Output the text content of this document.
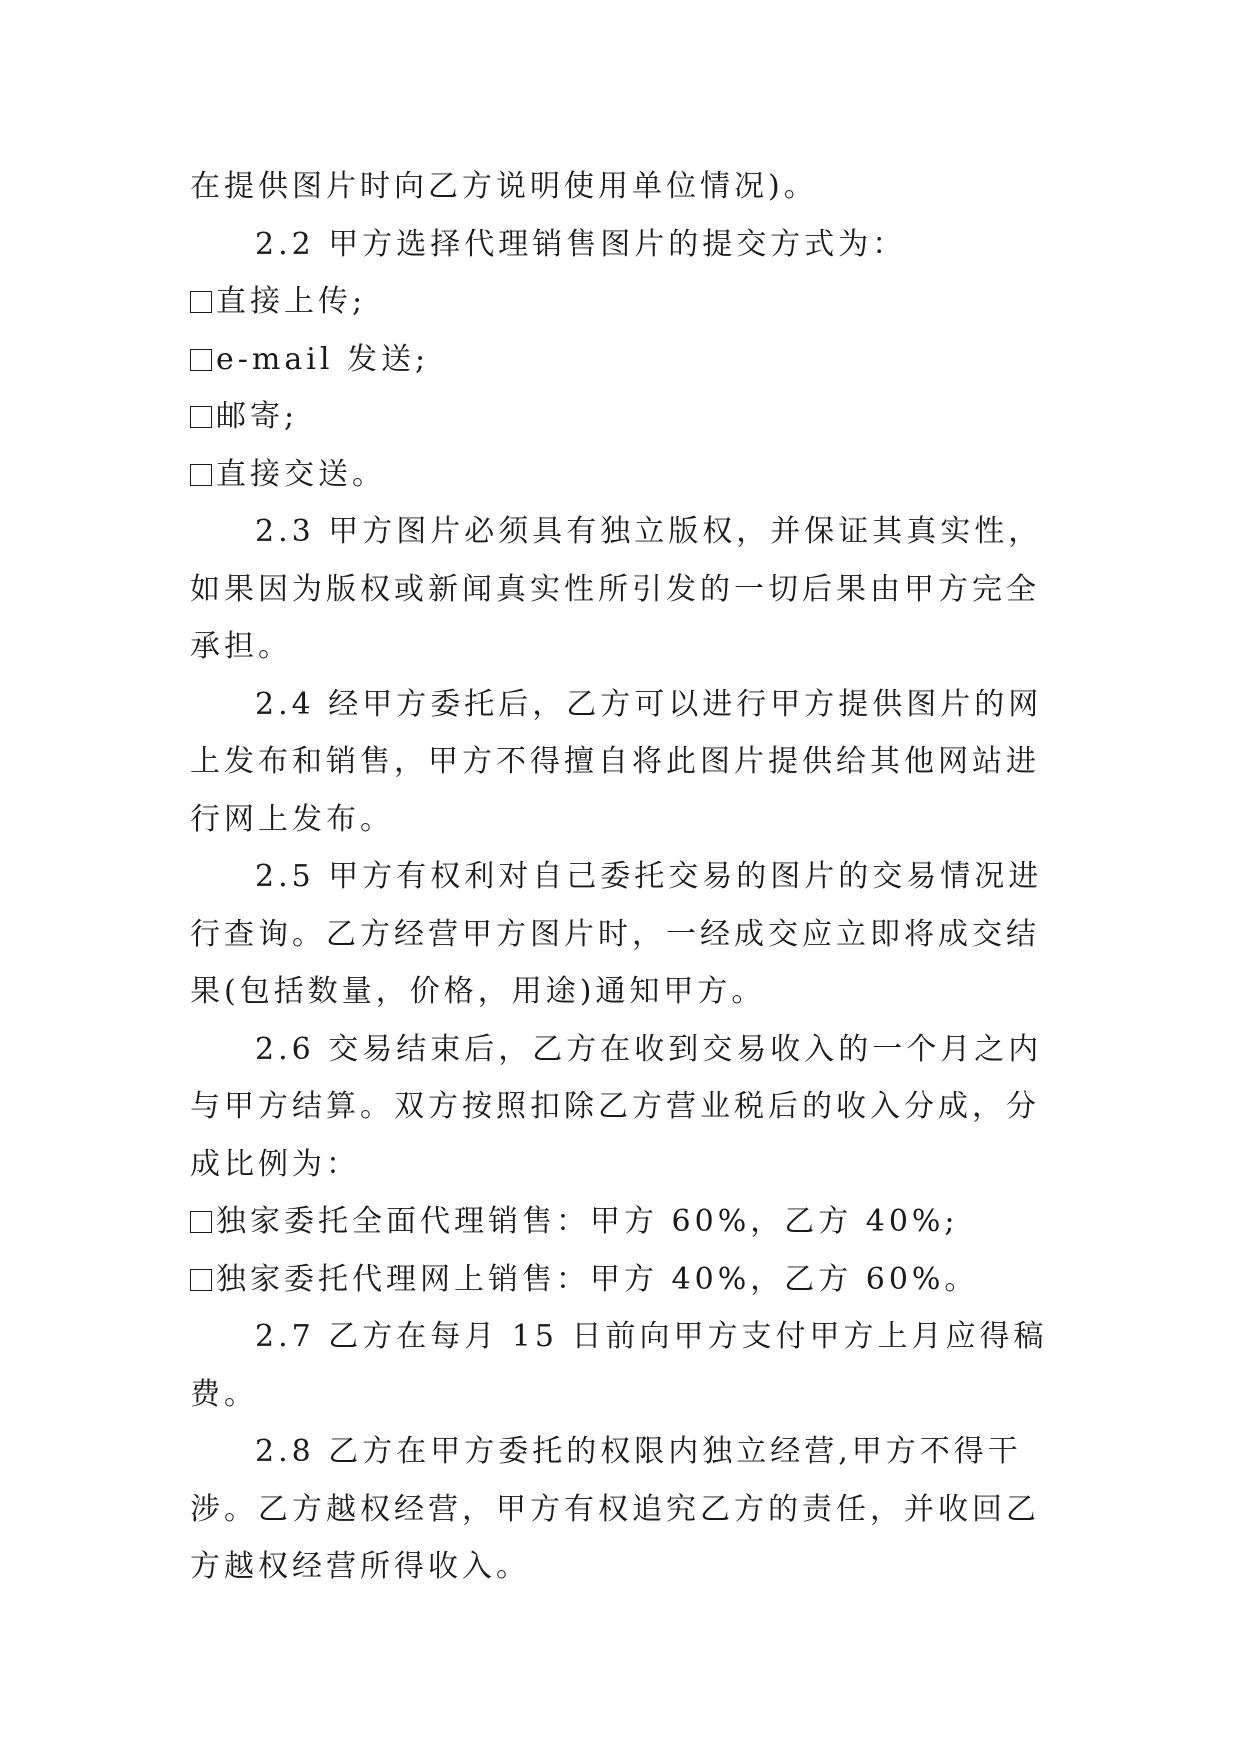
在提供图片时向乙方说明使用单位情况)。

2.2 甲方选择代理销售图片的提交方式为：

直接上传;

e-mail 发送;

邮寄;

直接交送。

2.3 甲方图片必须具有独立版权，并保证其真实性，如果因为版权或新闻真实性所引发的一切后果由甲方完全承担。

2.4 经甲方委托后，乙方可以进行甲方提供图片的网上发布和销售，甲方不得擅自将此图片提供给其他网站进行网上发布。

2.5 甲方有权利对自己委托交易的图片的交易情况进行查询。乙方经营甲方图片时，一经成交应立即将成交结果(包括数量，价格，用途)通知甲方。

2.6 交易结束后，乙方在收到交易收入的一个月之内与甲方结算。双方按照扣除乙方营业税后的收入分成，分成比例为：

独家委托全面代理销售：甲方 60%，乙方 40%;

独家委托代理网上销售：甲方 40%，乙方 60%。

2.7 乙方在每月 15 日前向甲方支付甲方上月应得稿费。

2.8 乙方在甲方委托的权限内独立经营,甲方不得干涉。乙方越权经营，甲方有权追究乙方的责任，并收回乙方越权经营所得收入。
